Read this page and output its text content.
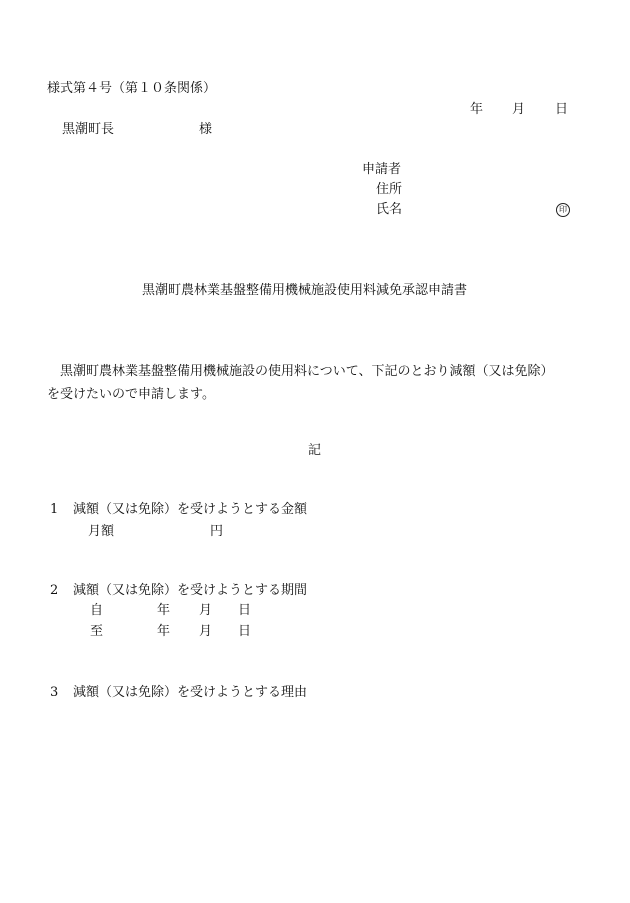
様式第４号（第１０条関係）
年 月 日
黒潮町長	様
申請者
住所
氏名	印
黒潮町農林業基盤整備用機械施設使用料減免承認申請書
黒潮町農林業基盤整備用機械施設の使用料について、下記のとおり減額（又は免除）
を受けたいので申請します。
記
1 減額（又は免除）を受けようとする金額
月額	円
2 減額（又は免除）を受けようとする期間
自	年 月 日
至	年 月 日
3 減額（又は免除）を受けようとする理由
